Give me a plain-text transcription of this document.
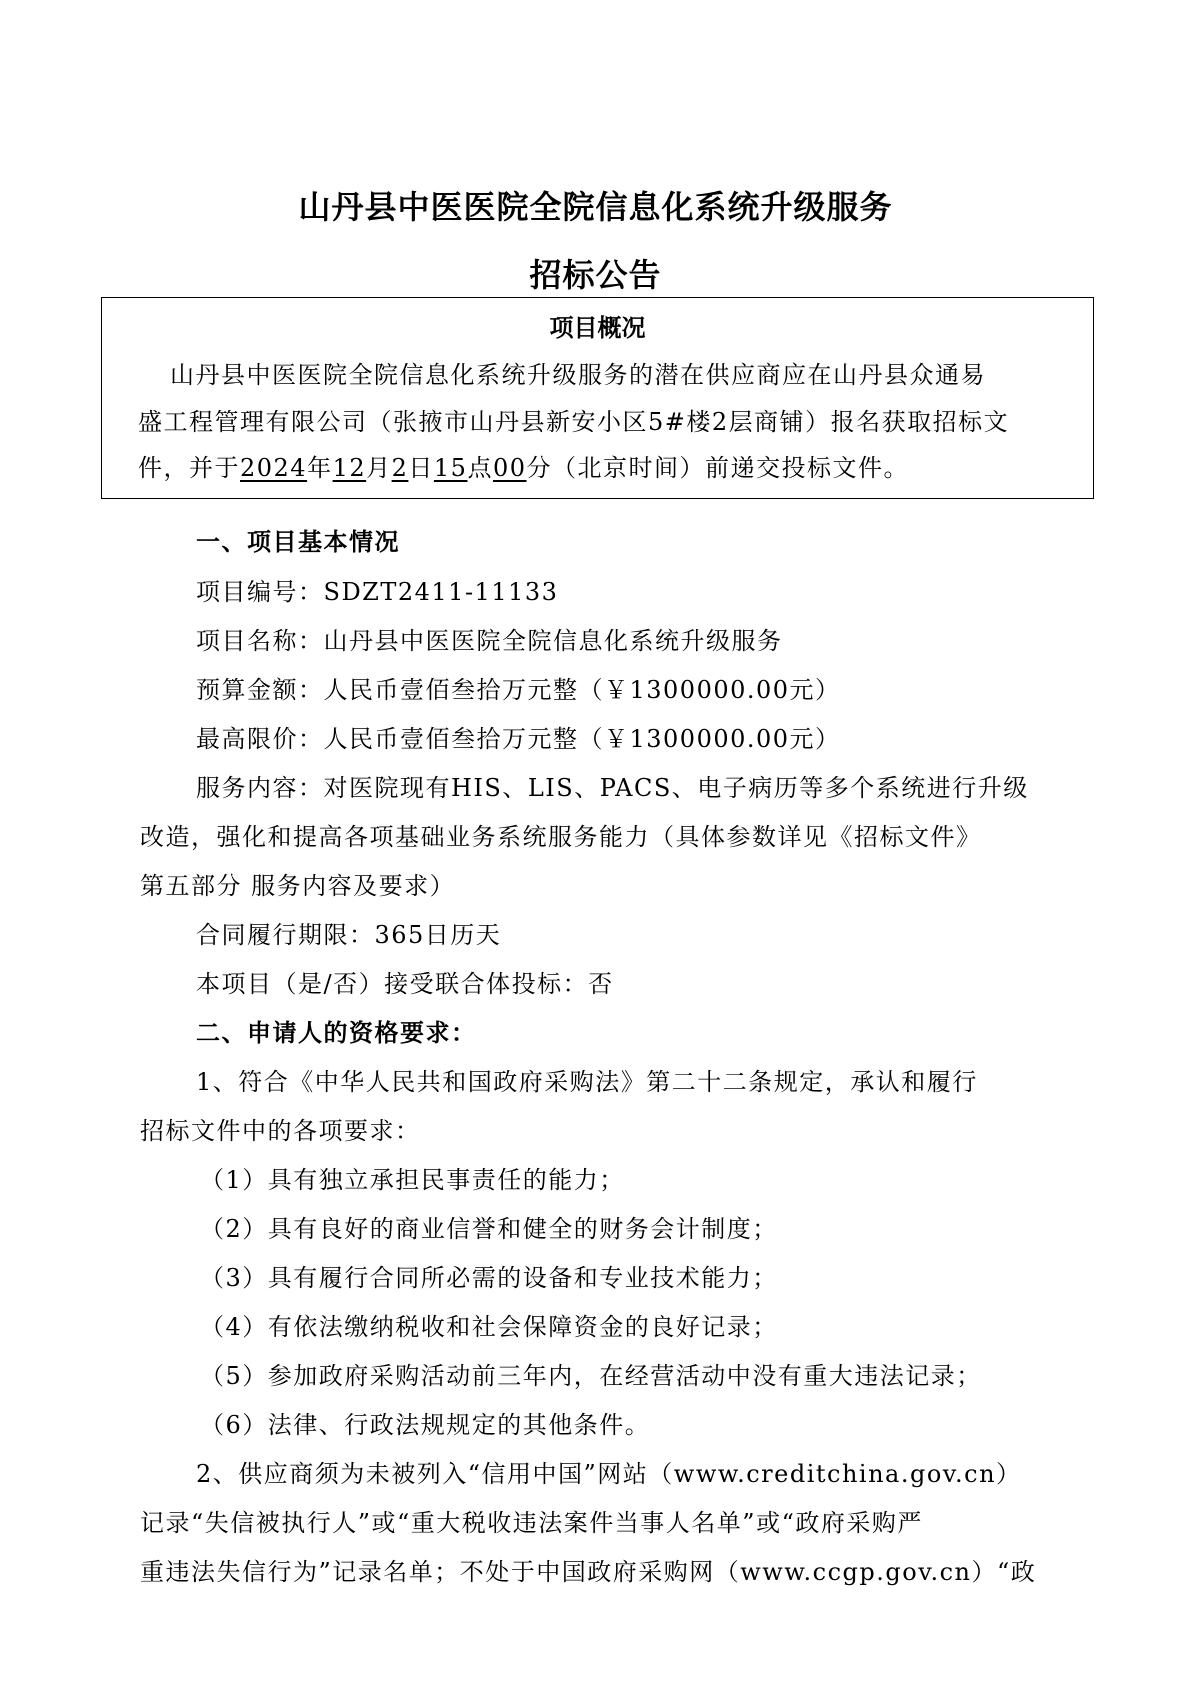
山丹县中医医院全院信息化系统升级服务
招标公告
项目概况
山丹县中医医院全院信息化系统升级服务的潜在供应商应在山丹县众通易
盛工程管理有限公司（张掖市山丹县新安小区5#楼2层商铺）报名获取招标文
件，并于2024年12月2日15点00分（北京时间）前递交投标文件。
一、项目基本情况
项目编号：SDZT2411-11133
项目名称：山丹县中医医院全院信息化系统升级服务
预算金额：人民币壹佰叁拾万元整（￥1300000.00元）
最高限价：人民币壹佰叁拾万元整（￥1300000.00元）
服务内容：对医院现有HIS、LIS、PACS、电子病历等多个系统进行升级
改造，强化和提高各项基础业务系统服务能力（具体参数详见《招标文件》
第五部分 服务内容及要求）
合同履行期限：365日历天
本项目（是/否）接受联合体投标：否
二、申请人的资格要求：
1、符合《中华人民共和国政府采购法》第二十二条规定，承认和履行
招标文件中的各项要求：
（1）具有独立承担民事责任的能力；
（2）具有良好的商业信誉和健全的财务会计制度；
（3）具有履行合同所必需的设备和专业技术能力；
（4）有依法缴纳税收和社会保障资金的良好记录；
（5）参加政府采购活动前三年内，在经营活动中没有重大违法记录；
（6）法律、行政法规规定的其他条件。
2、供应商须为未被列入“信用中国”网站（www.creditchina.gov.cn）
记录“失信被执行人”或“重大税收违法案件当事人名单”或“政府采购严
重违法失信行为”记录名单；不处于中国政府采购网（www.ccgp.gov.cn）“政
